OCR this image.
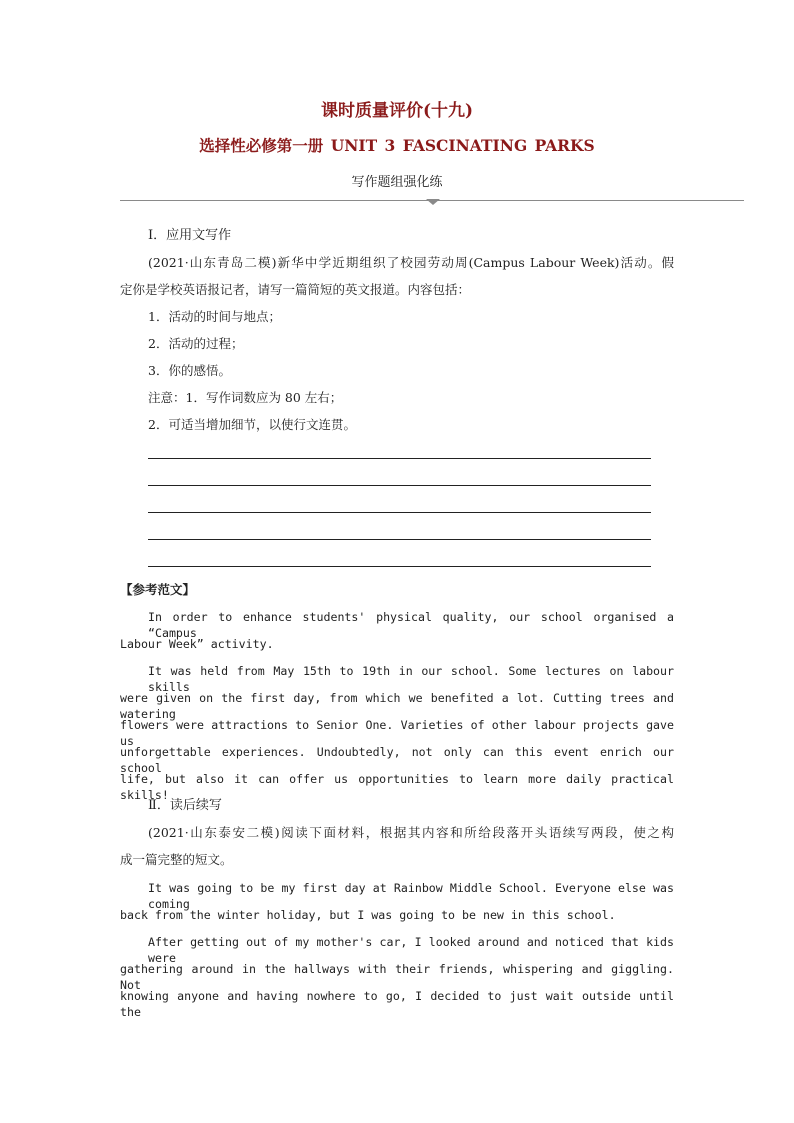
课时质量评价(十九)
选择性必修第一册 UNIT 3 FASCINATING PARKS
写作题组强化练
Ⅰ．应用文写作
(2021·山东青岛二模)新华中学近期组织了校园劳动周(Campus Labour Week)活动。假
定你是学校英语报记者，请写一篇简短的英文报道。内容包括：
1．活动的时间与地点；
2．活动的过程；
3．你的感悟。
注意：1．写作词数应为 80 左右；
2．可适当增加细节，以使行文连贯。
【参考范文】
In order to enhance students' physical quality, our school organised a “Campus
Labour Week” activity.
It was held from May 15th to 19th in our school. Some lectures on labour skills
were given on the first day, from which we benefited a lot. Cutting trees and watering
flowers were attractions to Senior One. Varieties of other labour projects gave us
unforgettable experiences. Undoubtedly, not only can this event enrich our school
life, but also it can offer us opportunities to learn more daily practical skills!
Ⅱ．读后续写
(2021·山东泰安二模)阅读下面材料，根据其内容和所给段落开头语续写两段，使之构
成一篇完整的短文。
It was going to be my first day at Rainbow Middle School. Everyone else was coming
back from the winter holiday, but I was going to be new in this school.
After getting out of my mother's car, I looked around and noticed that kids were
gathering around in the hallways with their friends, whispering and giggling. Not
knowing anyone and having nowhere to go, I decided to just wait outside until the
